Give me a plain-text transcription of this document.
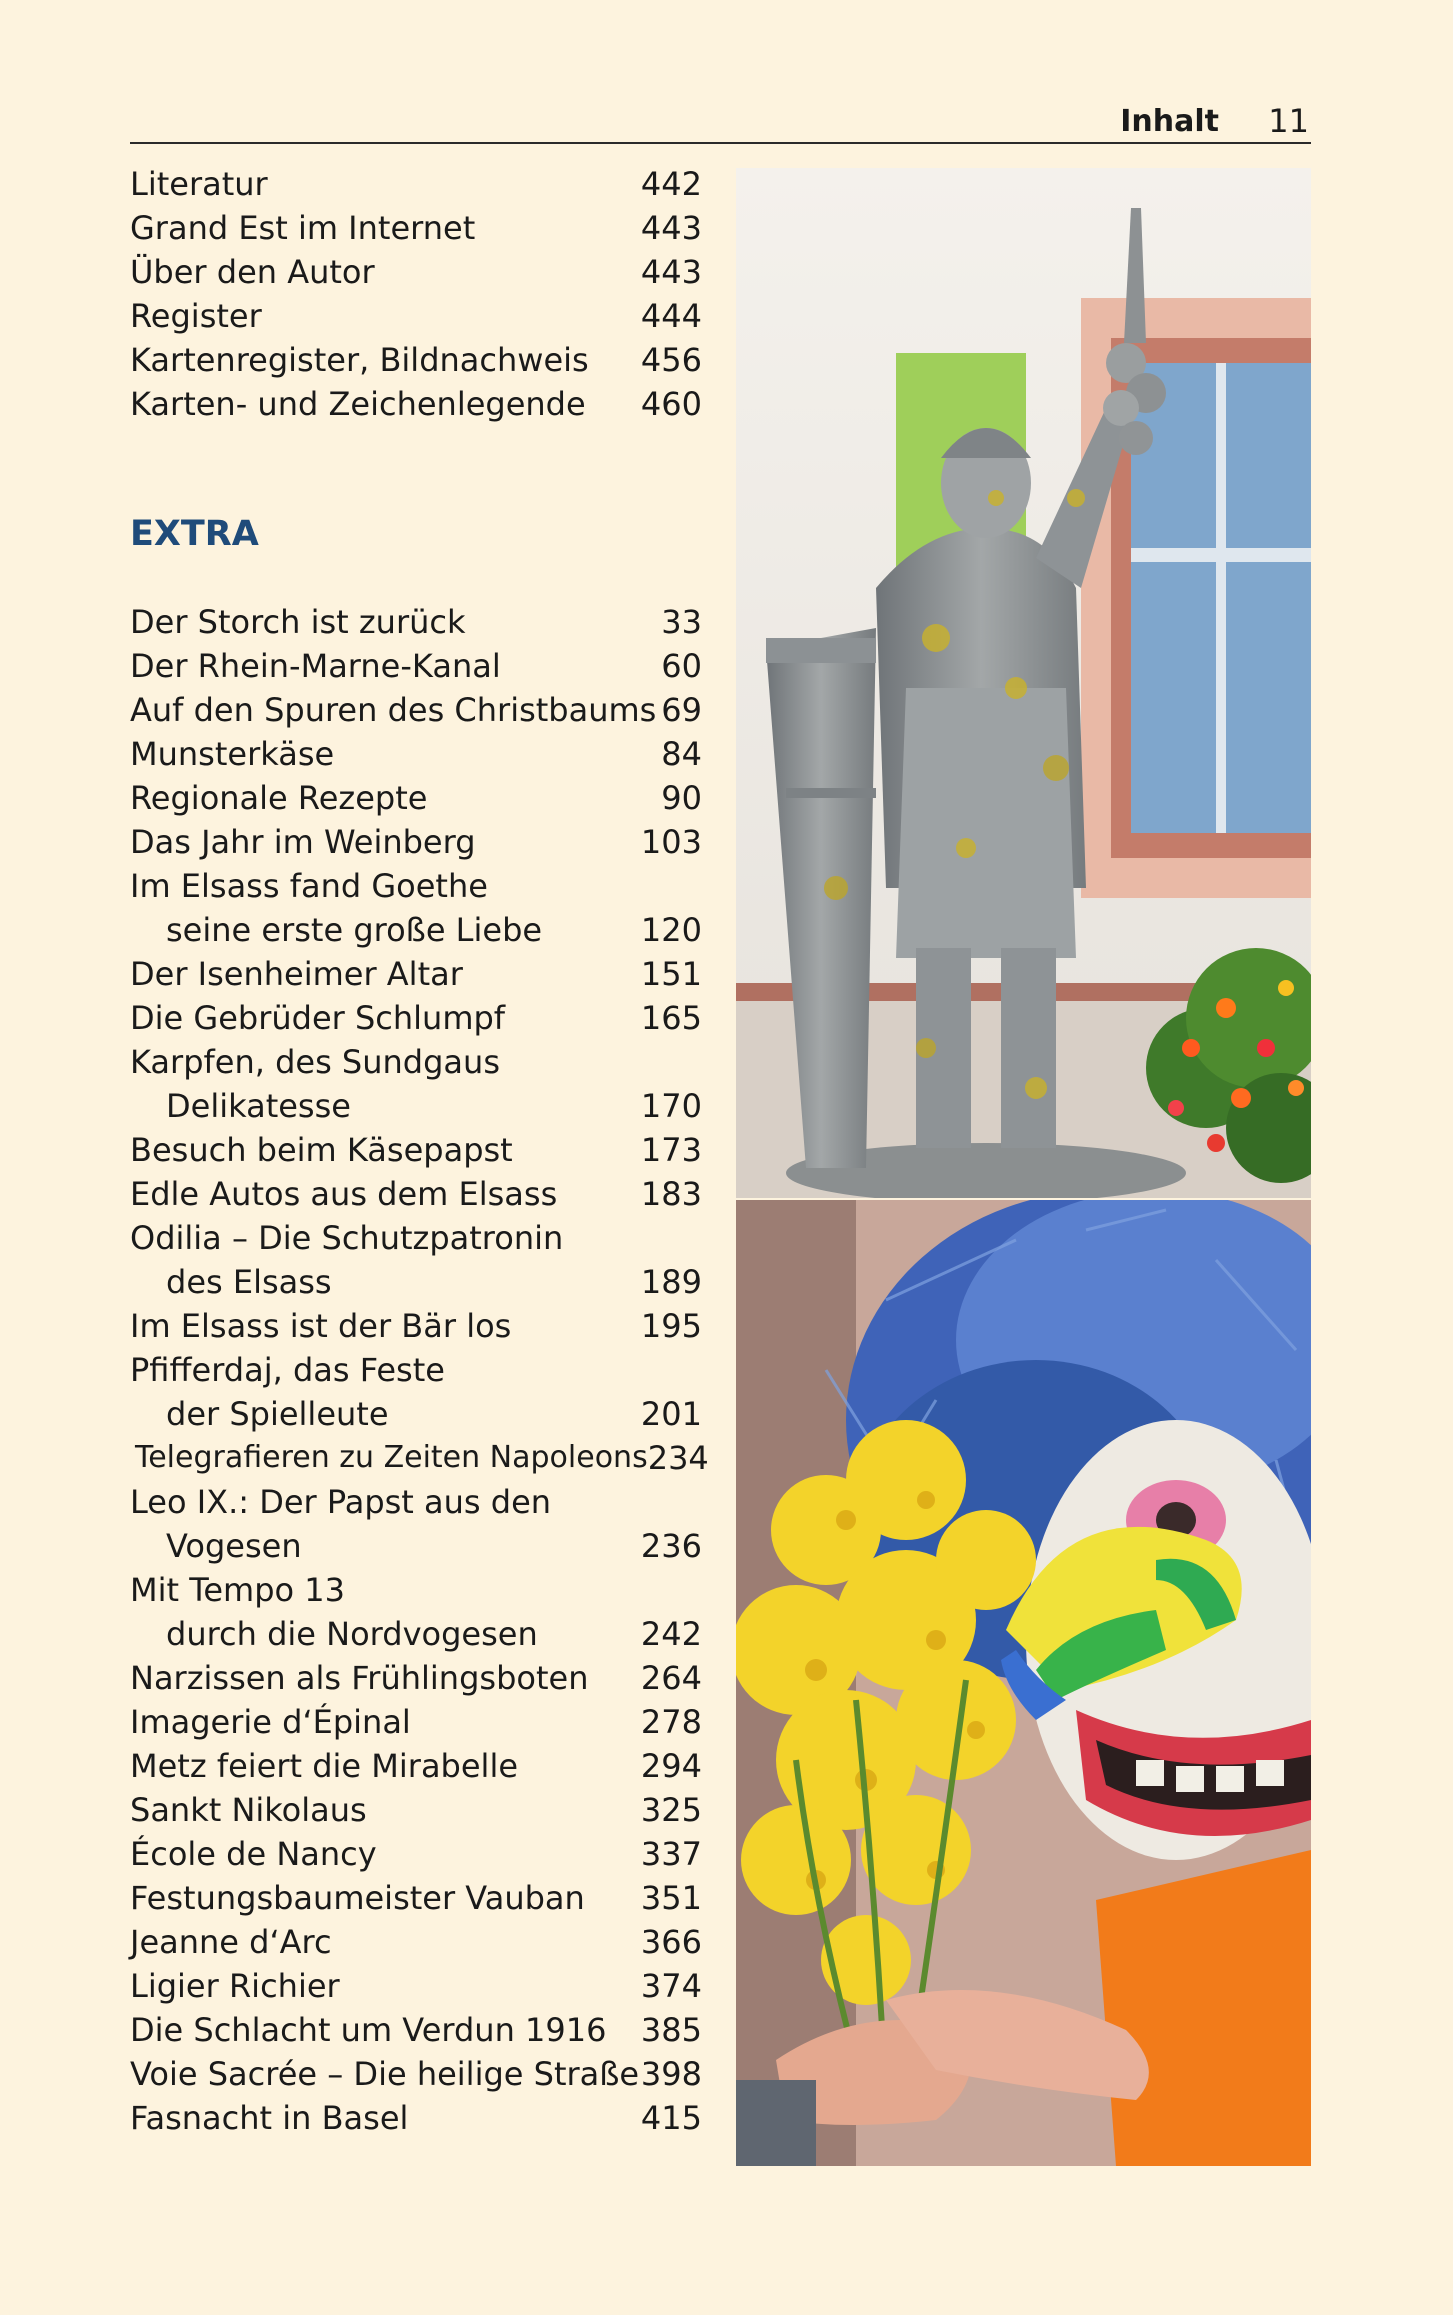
Inhalt 11
Literatur	442
Grand Est im Internet	443
Über den Autor	443
Register	444
Kartenregister, Bildnachweis 456
Karten- und Zeichenlegende 460
EXTRA
Der Storch ist zurück	33
Der Rhein-Marne-Kanal	60
Auf den Spuren des Christbaums 69
Munsterkäse	84
Regionale Rezepte	90
Das Jahr im Weinberg	103
Im Elsass fand Goethe
seine erste große Liebe	120
Der Isenheimer Altar	151
Die Gebrüder Schlumpf	165
Karpfen, des Sundgaus
Delikatesse	170
Besuch beim Käsepapst	173
Edle Autos aus dem Elsass	183
Odilia – Die Schutzpatronin
des Elsass	189
Im Elsass ist der Bär los	195
Pfifferdaj, das Feste
der Spielleute	201
Telegrafieren zu Zeiten Napoleons 234
Leo IX.: Der Papst aus den
Vogesen	236
Mit Tempo 13
durch die Nordvogesen	242
Narzissen als Frühlingsboten 264
Imagerie d‘Épinal	278
Metz feiert die Mirabelle	294
Sankt Nikolaus	325
École de Nancy	337
Festungsbaumeister Vauban 351
Jeanne d‘Arc	366
Ligier Richier	374
Die Schlacht um Verdun 1916 385
Voie Sacrée – Die heilige Straße 398
Fasnacht in Basel	415
